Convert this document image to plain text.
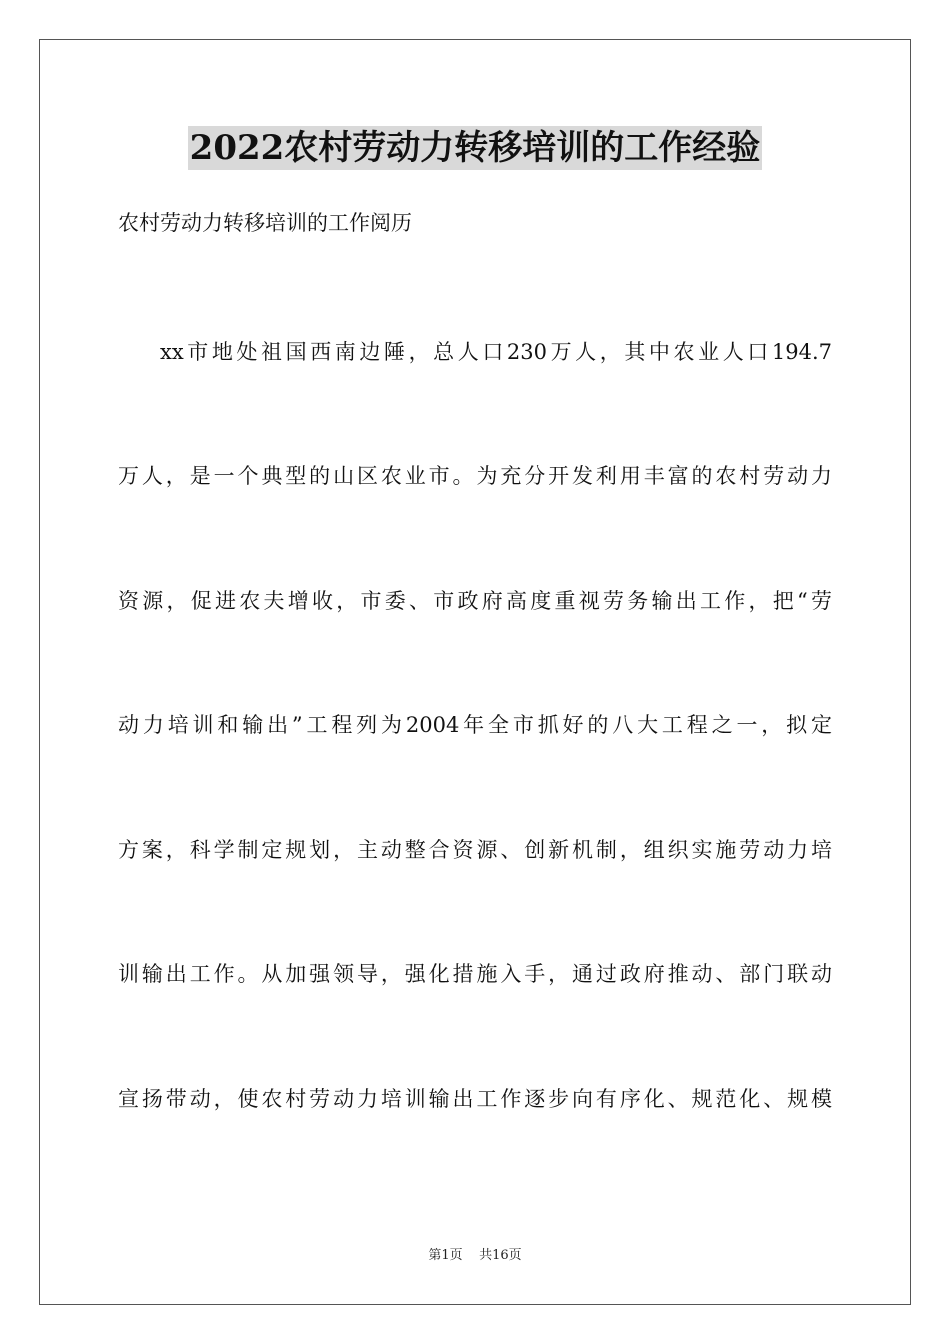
2022农村劳动力转移培训的工作经验
农村劳动力转移培训的工作阅历
xx市地处祖国西南边陲，总人口230万人，其中农业人口194.7
万人，是一个典型的山区农业市。为充分开发利用丰富的农村劳动力
资源，促进农夫增收，市委、市政府高度重视劳务输出工作，把“劳
动力培训和输出”工程列为2004年全市抓好的八大工程之一，拟定
方案，科学制定规划，主动整合资源、创新机制，组织实施劳动力培
训输出工作。从加强领导，强化措施入手，通过政府推动、部门联动
宣扬带动，使农村劳动力培训输出工作逐步向有序化、规范化、规模
第1页 共16页
